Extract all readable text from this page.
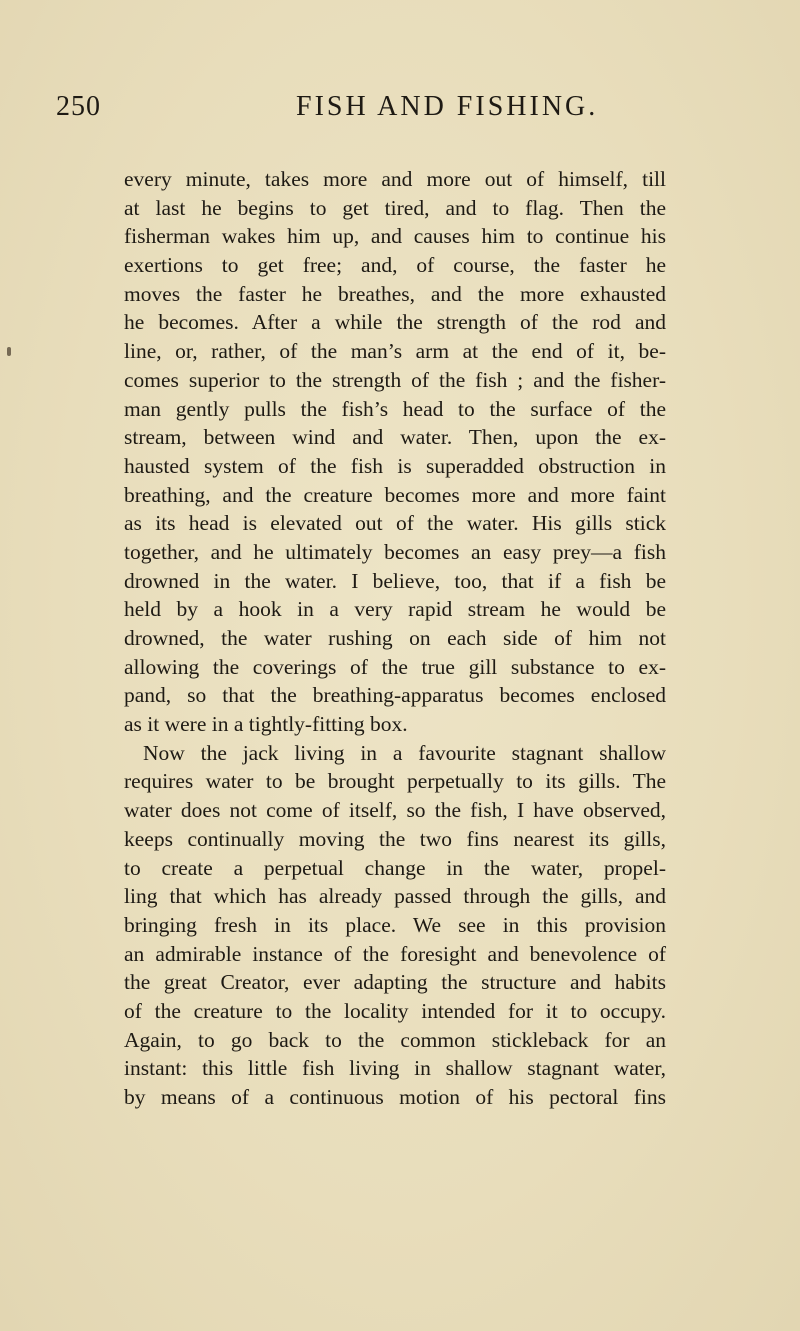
250	FISH AND FISHING.
every minute, takes more and more out of himself, till
at last he begins to get tired, and to flag. Then the
fisherman wakes him up, and causes him to continue his
exertions to get free; and, of course, the faster he
moves the faster he breathes, and the more exhausted
he becomes. After a while the strength of the rod and
line, or, rather, of the man’s arm at the end of it, be-
comes superior to the strength of the fish ; and the fisher-
man gently pulls the fish’s head to the surface of the
stream, between wind and water. Then, upon the ex-
hausted system of the fish is superadded obstruction in
breathing, and the creature becomes more and more faint
as its head is elevated out of the water. His gills stick
together, and he ultimately becomes an easy prey—a fish
drowned in the water. I believe, too, that if a fish be
held by a hook in a very rapid stream he would be
drowned, the water rushing on each side of him not
allowing the coverings of the true gill substance to ex-
pand, so that the breathing-apparatus becomes enclosed
as it were in a tightly-fitting box.
Now the jack living in a favourite stagnant shallow
requires water to be brought perpetually to its gills. The
water does not come of itself, so the fish, I have observed,
keeps continually moving the two fins nearest its gills,
to create a perpetual change in the water, propel-
ling that which has already passed through the gills, and
bringing fresh in its place. We see in this provision
an admirable instance of the foresight and benevolence of
the great Creator, ever adapting the structure and habits
of the creature to the locality intended for it to occupy.
Again, to go back to the common stickleback for an
instant: this little fish living in shallow stagnant water,
by means of a continuous motion of his pectoral fins
